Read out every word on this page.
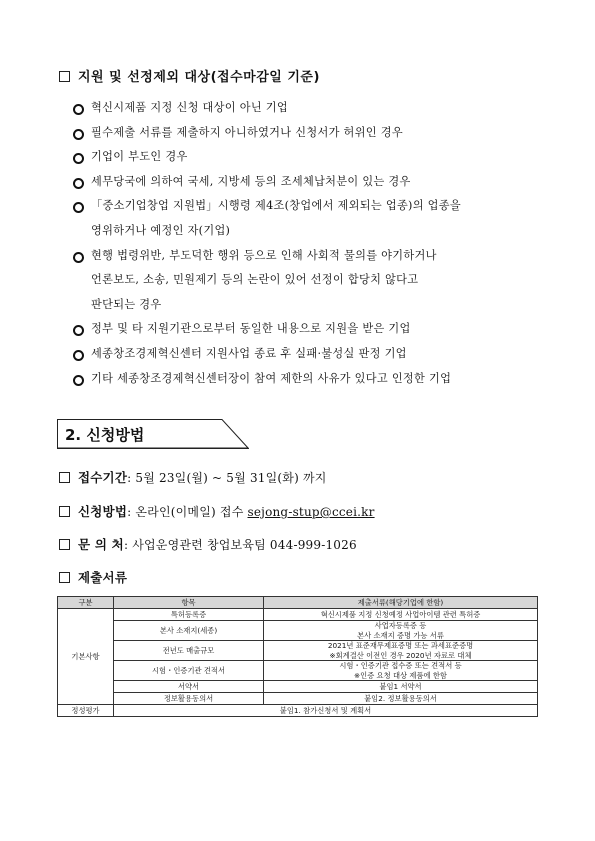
지원 및 선정제외 대상(접수마감일 기준)
혁신시제품 지정 신청 대상이 아닌 기업
필수제출 서류를 제출하지 아니하였거나 신청서가 허위인 경우
기업이 부도인 경우
세무당국에 의하여 국세, 지방세 등의 조세체납처분이 있는 경우
「중소기업창업 지원법」시행령 제4조(창업에서 제외되는 업종)의 업종을
영위하거나 예정인 자(기업)
현행 법령위반, 부도덕한 행위 등으로 인해 사회적 물의를 야기하거나
언론보도, 소송, 민원제기 등의 논란이 있어 선정이 합당치 않다고
판단되는 경우
정부 및 타 지원기관으로부터 동일한 내용으로 지원을 받은 기업
세종창조경제혁신센터 지원사업 종료 후 실패·불성실 판정 기업
기타 세종창조경제혁신센터장이 참여 제한의 사유가 있다고 인정한 기업
2. 신청방법
접수기간: 5월 23일(월) ~ 5월 31일(화) 까지
신청방법: 온라인(이메일) 접수 sejong-stup@ccei.kr
문 의 처: 사업운영관련 창업보육팀 044-999-1026
제출서류
구분	항목	제출서류(해당기업에 한함)
기본사항	특허등록증	혁신시제품 지정 신청예정 사업아이템 관련 특허증
	본사 소재지(세종)	사업자등록증 등
본사 소재지 증명 가능 서류
	전년도 매출규모	2021년 표준재무제표증명 또는 과세표준증명
※회계결산 이전인 경우 2020년 자료로 대체
	시험・인증기관 견적서	시험・인증기관 접수증 또는 견적서 등
※인증 요청 대상 제품에 한함
	서약서	붙임1 서약서
	정보활용동의서	붙임2. 정보활용동의서
정성평가	붙임1. 참가신청서 및 계획서	
